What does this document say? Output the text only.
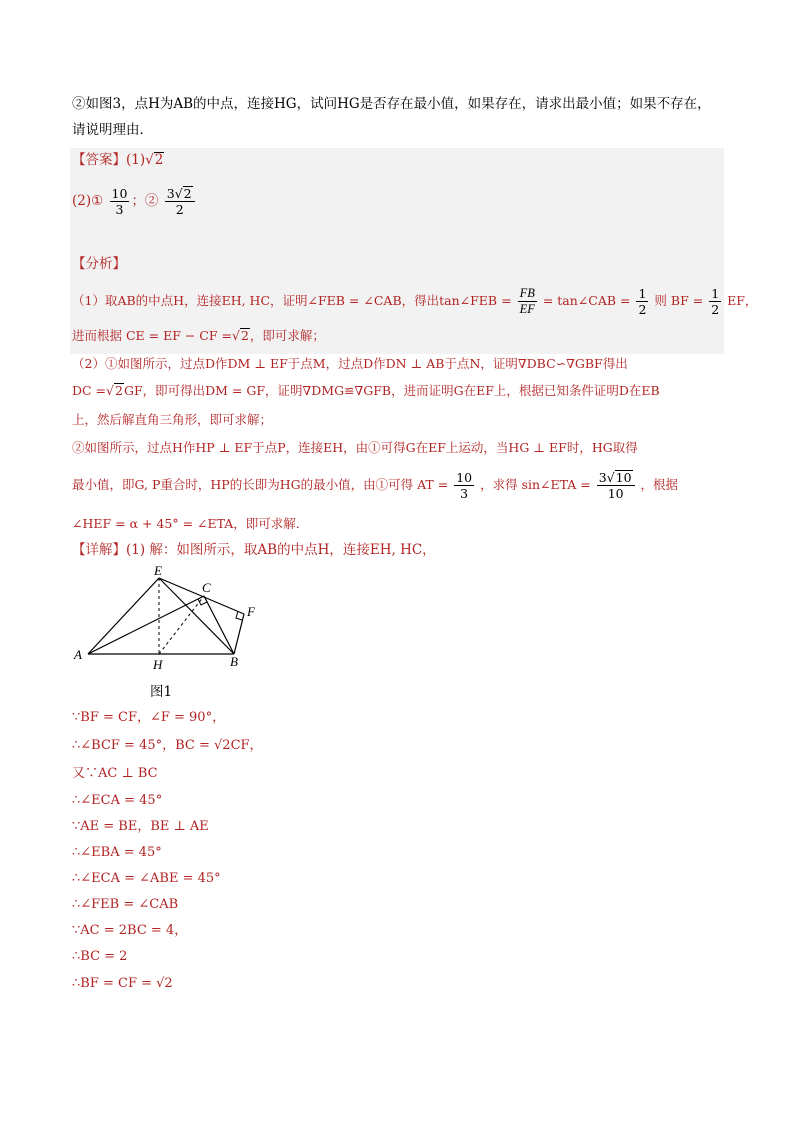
②如图3，点H为AB的中点，连接HG，试问HG是否存在最小值，如果存在，请求出最小值；如果不存在，
请说明理由．
【答案】(1)√2
(2)① $\frac{10}{3}$ ；② $\frac{3√2}{2}$
【分析】
（1）取AB的中点H，连接EH, HC，证明∠FEB = ∠CAB，得出tan∠FEB = $\frac{FB}{EF}$ = tan∠CAB = $\frac{1}{2}$ 则 BF = $\frac{1}{2}$ EF，
进而根据 CE = EF − CF =√2，即可求解；
（2）①如图所示，过点D作DM ⊥ EF于点M，过点D作DN ⊥ AB于点N，证明∇DBC∽∇GBF得出
DC =√2GF，即可得出DM = GF，证明∇DMG≌∇GFB，进而证明G在EF上，根据已知条件证明D在EB
上，然后解直角三角形，即可求解；
②如图所示，过点H作HP ⊥ EF于点P，连接EH，由①可得G在EF上运动，当HG ⊥ EF时，HG取得
最小值，即G, P重合时，HP的长即为HG的最小值，由①可得 AT = $\frac{10}{3}$ ，求得 sin∠ETA = $\frac{3√10}{10}$ ，根据
∠HEF = α + 45° = ∠ETA，即可求解．
【详解】(1) 解：如图所示，取AB的中点H，连接EH, HC，
E
C
F
A
H	B
图1
∵BF = CF，∠F = 90°，
∴∠BCF = 45°，BC = √2CF，
又∵AC ⊥ BC
∴∠ECA = 45°
∵AE = BE，BE ⊥ AE
∴∠EBA = 45°
∴∠ECA = ∠ABE = 45°
∴∠FEB = ∠CAB
∵AC = 2BC = 4，
∴BC = 2
∴BF = CF = √2
